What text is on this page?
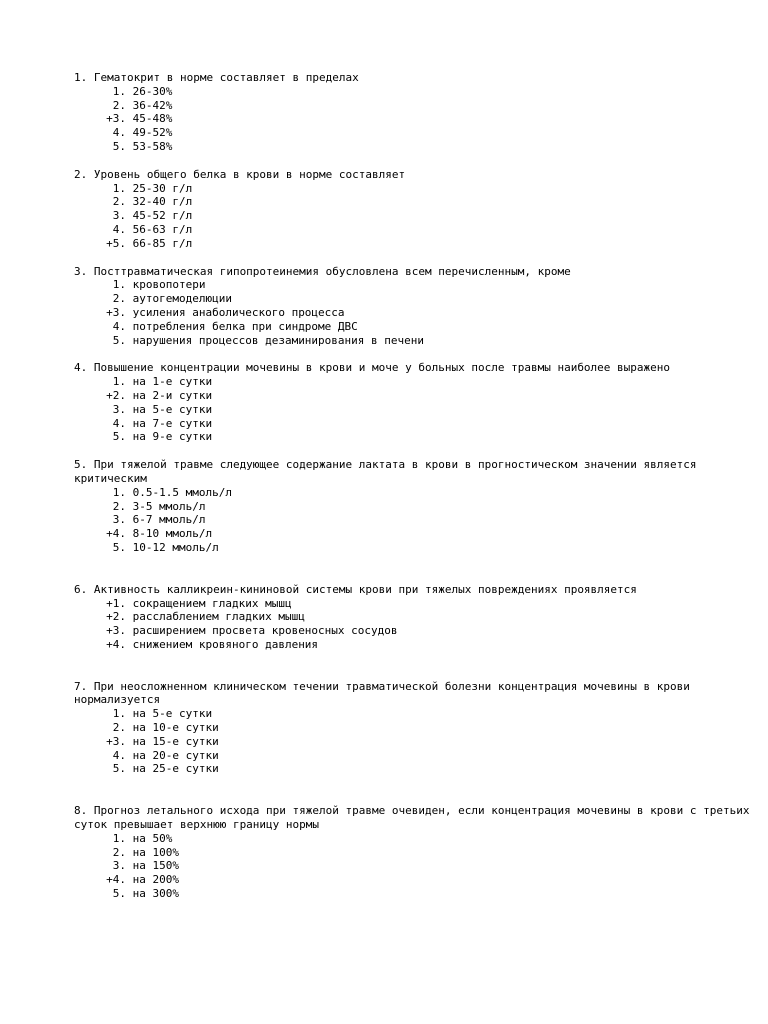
1. Гематокрит в норме составляет в пределах

1. 26-30%
2. 36-42%
+3. 45-48%
4. 49-52%
5. 53-58%

2. Уровень общего белка в крови в норме составляет

1. 25-30 г/л
2. 32-40 г/л
3. 45-52 г/л
4. 56-63 г/л
+5. 66-85 г/л

3. Посттравматическая гипопротеинемия обусловлена всем перечисленным, кроме

1. кровопотери
2. аутогемоделюции
+3. усиления анаболического процесса
4. потребления белка при синдроме ДВС
5. нарушения процессов дезаминирования в печени

4. Повышение концентрации мочевины в крови и моче у больных после травмы наиболее выражено

1. на 1-е сутки
+2. на 2-и сутки
3. на 5-е сутки
4. на 7-е сутки
5. на 9-е сутки

5. При тяжелой травме следующее содержание лактата в крови в прогностическом значении является критическим

1. 0.5-1.5 ммоль/л
2. 3-5 ммоль/л
3. 6-7 ммоль/л
+4. 8-10 ммоль/л
5. 10-12 ммоль/л

6. Активность калликреин-кининовой системы крови при тяжелых повреждениях проявляется

+1. сокращением гладких мышц
+2. расслаблением гладких мышц
+3. расширением просвета кровеносных сосудов
+4. снижением кровяного давления

7. При неосложненном клиническом течении травматической болезни концентрация мочевины в крови нормализуется

1. на 5-е сутки
2. на 10-е сутки
+3. на 15-е сутки
4. на 20-е сутки
5. на 25-е сутки

8. Прогноз летального исхода при тяжелой травме очевиден, если концентрация мочевины в крови с третьих суток превышает верхнюю границу нормы

1. на 50%
2. на 100%
3. на 150%
+4. на 200%
5. на 300%
